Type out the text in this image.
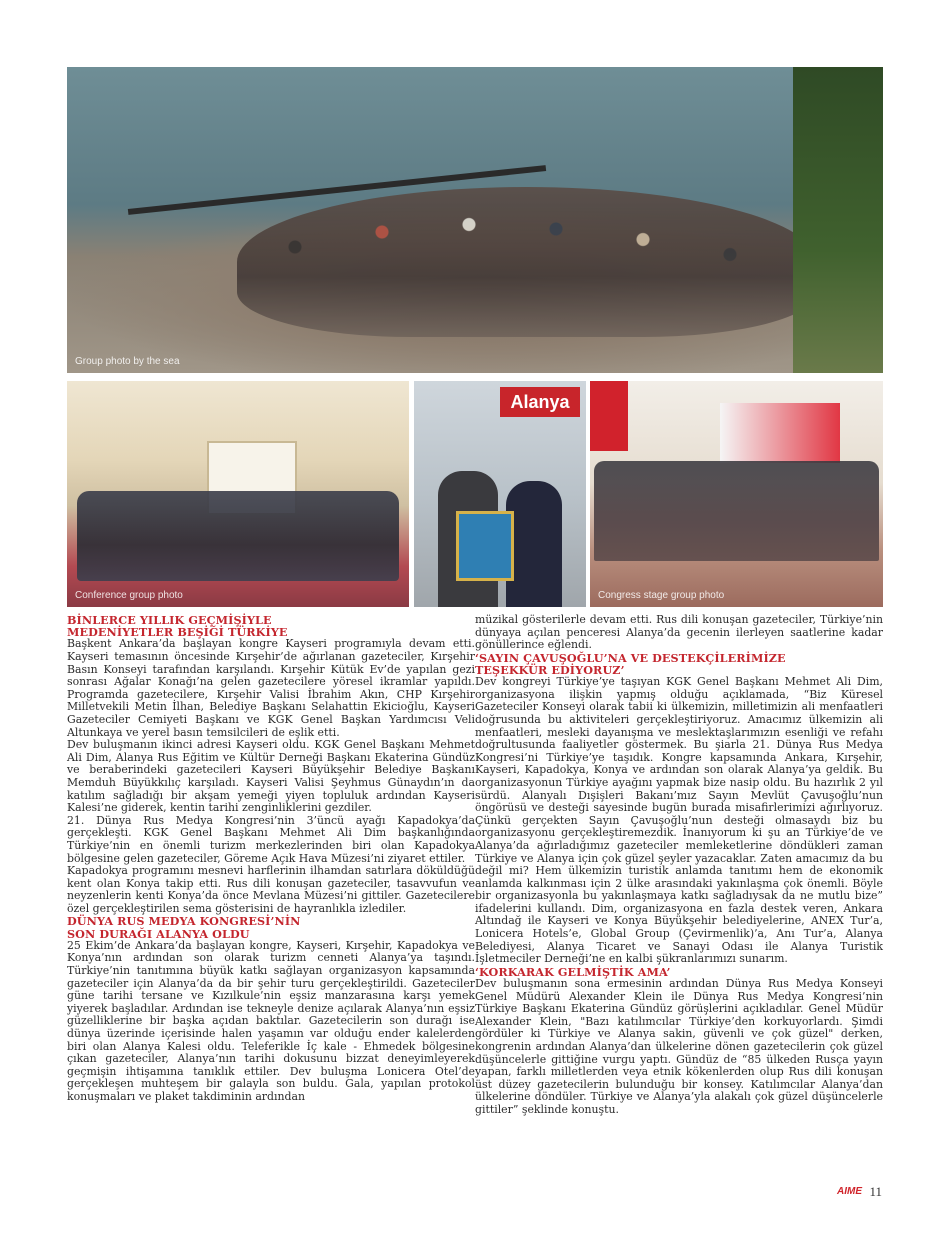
Group photo by the sea
Conference group photo
Alanya
Congress stage group photo
BİNLERCE YILLIK GEÇMİŞİYLE
MEDENİYETLER BEŞİĞİ TÜRKİYE

Başkent Ankara’da başlayan kongre Kayseri programıyla devam etti. Kayseri temasının öncesinde Kırşehir’de ağırlanan gazeteciler, Kırşehir Basın Konseyi tarafından karşılandı. Kırşehir Kütük Ev’de yapılan gezi sonrası Ağalar Konağı’na gelen gazetecilere yöresel ikramlar yapıldı. Programda gazetecilere, Kırşehir Valisi İbrahim Akın, CHP Kırşehir Milletvekili Metin İlhan, Belediye Başkanı Selahattin Ekicioğlu, Kayseri Gazeteciler Cemiyeti Başkanı ve KGK Genel Başkan Yardımcısı Veli Altunkaya ve yerel basın temsilcileri de eşlik etti.

Dev buluşmanın ikinci adresi Kayseri oldu. KGK Genel Başkanı Mehmet Ali Dim, Alanya Rus Eğitim ve Kültür Derneği Başkanı Ekaterina Gündüz ve beraberindeki gazetecileri Kayseri Büyükşehir Belediye Başkanı Memduh Büyükkılıç karşıladı. Kayseri Valisi Şeyhmus Günaydın’ın da katılım sağladığı bir akşam yemeği yiyen topluluk ardından Kayseri Kalesi’ne giderek, kentin tarihi zenginliklerini gezdiler.

21. Dünya Rus Medya Kongresi’nin 3’üncü ayağı Kapadokya’da gerçekleşti. KGK Genel Başkanı Mehmet Ali Dim başkanlığında Türkiye’nin en önemli turizm merkezlerinden biri olan Kapadokya bölgesine gelen gazeteciler, Göreme Açık Hava Müzesi’ni ziyaret ettiler.

Kapadokya programını mesnevi harflerinin ilhamdan satırlara döküldüğü kent olan Konya takip etti. Rus dili konuşan gazeteciler, tasavvufun ve neyzenlerin kenti Konya’da önce Mevlana Müzesi’ni gittiler. Gazetecilere özel gerçekleştirilen sema gösterisini de hayranlıkla izlediler.

DÜNYA RUS MEDYA KONGRESİ’NİN
SON DURAĞI ALANYA OLDU

25 Ekim’de Ankara’da başlayan kongre, Kayseri, Kırşehir, Kapadokya ve Konya’nın ardından son olarak turizm cenneti Alanya’ya taşındı. Türkiye’nin tanıtımına büyük katkı sağlayan organizasyon kapsamında gazeteciler için Alanya’da da bir şehir turu gerçekleştirildi. Gazeteciler güne tarihi tersane ve Kızılkule’nin eşsiz manzarasına karşı yemek yiyerek başladılar. Ardından ise tekneyle denize açılarak Alanya’nın eşsiz güzelliklerine bir başka açıdan baktılar. Gazetecilerin son durağı ise dünya üzerinde içerisinde halen yaşamın var olduğu ender kalelerden biri olan Alanya Kalesi oldu. Teleferikle İç kale - Ehmedek bölgesine çıkan gazeteciler, Alanya’nın tarihi dokusunu bizzat deneyimleyerek geçmişin ihtişamına tanıklık ettiler. Dev buluşma Lonicera Otel’de gerçekleşen muhteşem bir galayla son buldu. Gala, yapılan protokol konuşmaları ve plaket takdiminin ardından

müzikal gösterilerle devam etti. Rus dili konuşan gazeteciler, Türkiye’nin dünyaya açılan penceresi Alanya’da gecenin ilerleyen saatlerine kadar gönüllerince eğlendi.

‘SAYIN ÇAVUŞOĞLU’NA VE DESTEKÇİLERİMİZE
TEŞEKKÜR EDİYORUZ’

Dev kongreyi Türkiye’ye taşıyan KGK Genel Başkanı Mehmet Ali Dim, organizasyona ilişkin yapmış olduğu açıklamada, “Biz Küresel Gazeteciler Konseyi olarak tabii ki ülkemizin, milletimizin ali menfaatleri doğrusunda bu aktiviteleri gerçekleştiriyoruz. Amacımız ülkemizin ali menfaatleri, mesleki dayanışma ve meslektaşlarımızın esenliği ve refahı doğrultusunda faaliyetler göstermek. Bu şiarla 21. Dünya Rus Medya Kongresi’ni Türkiye’ye taşıdık. Kongre kapsamında Ankara, Kırşehir, Kayseri, Kapadokya, Konya ve ardından son olarak Alanya’ya geldik. Bu organizasyonun Türkiye ayağını yapmak bize nasip oldu. Bu hazırlık 2 yıl sürdü. Alanyalı Dışişleri Bakanı’mız Sayın Mevlüt Çavuşoğlu’nun öngörüsü ve desteği sayesinde bugün burada misafirlerimizi ağırlıyoruz. Çünkü gerçekten Sayın Çavuşoğlu’nun desteği olmasaydı biz bu organizasyonu gerçekleştiremezdik. İnanıyorum ki şu an Türkiye’de ve Alanya’da ağırladığımız gazeteciler memleketlerine döndükleri zaman Türkiye ve Alanya için çok güzel şeyler yazacaklar. Zaten amacımız da bu değil mi? Hem ülkemizin turistik anlamda tanıtımı hem de ekonomik anlamda kalkınması için 2 ülke arasındaki yakınlaşma çok önemli. Böyle bir organizasyonla bu yakınlaşmaya katkı sağladıysak da ne mutlu bize” ifadelerini kullandı. Dim, organizasyona en fazla destek veren, Ankara Altındağ ile Kayseri ve Konya Büyükşehir belediyelerine, ANEX Tur’a, Lonicera Hotels’e, Global Group (Çevirmenlik)’a, Anı Tur’a, Alanya Belediyesi, Alanya Ticaret ve Sanayi Odası ile Alanya Turistik İşletmeciler Derneği’ne en kalbi şükranlarımızı sunarım.

‘KORKARAK GELMİŞTİK AMA’

Dev buluşmanın sona ermesinin ardından Dünya Rus Medya Konseyi Genel Müdürü Alexander Klein ile Dünya Rus Medya Kongresi’nin Türkiye Başkanı Ekaterina Gündüz görüşlerini açıkladılar. Genel Müdür Alexander Klein, "Bazı katılımcılar Türkiye’den korkuyorlardı. Şimdi gördüler ki Türkiye ve Alanya sakin, güvenli ve çok güzel" derken, kongrenin ardından Alanya’dan ülkelerine dönen gazetecilerin çok güzel düşüncelerle gittiğine vurgu yaptı. Gündüz de “85 ülkeden Rusça yayın yapan, farklı milletlerden veya etnik kökenlerden olup Rus dili konuşan üst düzey gazetecilerin bulunduğu bir konsey. Katılımcılar Alanya’dan ülkelerine döndüler. Türkiye ve Alanya’yla alakalı çok güzel düşüncelerle gittiler” şeklinde konuştu.

AIME 11
